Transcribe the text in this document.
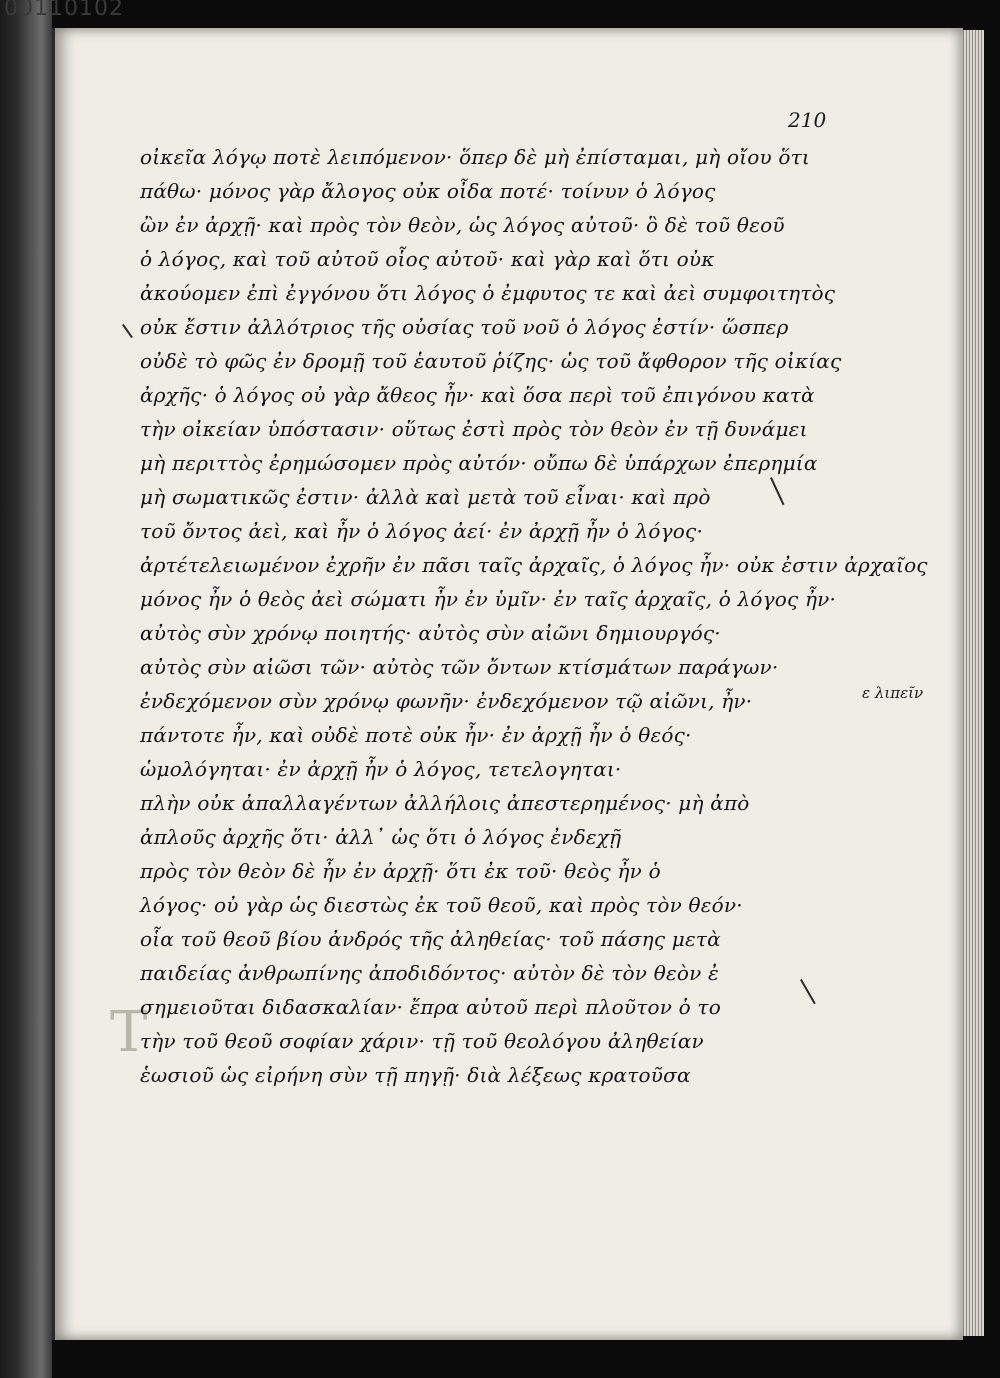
00110102
210
ε λιπεῖν
Τ
οἰκεῖα λόγῳ ποτὲ λειπόμενον· ὅπερ δὲ μὴ ἐπίσταμαι, μὴ οἴου ὅτι
πάθω· μόνος γὰρ ἄλογος οὐκ οἶδα ποτέ· τοίνυν ὁ λόγος
ὢν ἐν ἀρχῇ· καὶ πρὸς τὸν θεὸν, ὡς λόγος αὐτοῦ· ὃ δὲ τοῦ θεοῦ
ὁ λόγος, καὶ τοῦ αὐτοῦ οἷος αὐτοῦ· καὶ γὰρ καὶ ὅτι οὐκ
ἀκούομεν ἐπὶ ἐγγόνου ὅτι λόγος ὁ ἐμφυτος τε καὶ ἀεὶ συμφοιτητὸς
οὐκ ἔστιν ἀλλότριος τῆς οὐσίας τοῦ νοῦ ὁ λόγος ἐστίν· ὥσπερ
οὐδὲ τὸ φῶς ἐν δρομῇ τοῦ ἑαυτοῦ ῥίζης· ὡς τοῦ ἄφθορον τῆς οἰκίας
ἀρχῆς· ὁ λόγος οὐ γὰρ ἄθεος ἦν· καὶ ὅσα περὶ τοῦ ἐπιγόνου κατὰ
τὴν οἰκείαν ὑπόστασιν· οὕτως ἐστὶ πρὸς τὸν θεὸν ἐν τῇ δυνάμει
μὴ περιττὸς ἐρημώσομεν πρὸς αὐτόν· οὔπω δὲ ὑπάρχων ἐπερημία
μὴ σωματικῶς ἐστιν· ἀλλὰ καὶ μετὰ τοῦ εἶναι· καὶ πρὸ
τοῦ ὄντος ἀεὶ, καὶ ἦν ὁ λόγος ἀεί· ἐν ἀρχῇ ἦν ὁ λόγος·
ἀρτέτελειωμένον ἐχρῆν ἐν πᾶσι ταῖς ἀρχαῖς, ὁ λόγος ἦν· οὐκ ἐστιν ἀρχαῖος
μόνος ἦν ὁ θεὸς ἀεὶ σώματι ἦν ἐν ὑμῖν· ἐν ταῖς ἀρχαῖς, ὁ λόγος ἦν·
αὐτὸς σὺν χρόνῳ ποιητής· αὐτὸς σὺν αἰῶνι δημιουργός·
αὐτὸς σὺν αἰῶσι τῶν· αὐτὸς τῶν ὄντων κτίσμάτων παράγων·
ἐνδεχόμενον σὺν χρόνῳ φωνῆν· ἐνδεχόμενον τῷ αἰῶνι, ἦν·
πάντοτε ἦν, καὶ οὐδὲ ποτὲ οὐκ ἦν· ἐν ἀρχῇ ἦν ὁ θεός·
ὡμολόγηται· ἐν ἀρχῇ ἦν ὁ λόγος, τετελογηται·
πλὴν οὐκ ἀπαλλαγέντων ἀλλήλοις ἀπεστερημένος· μὴ ἀπὸ
ἀπλοῦς ἀρχῆς ὅτι· ἀλλ᾽ ὡς ὅτι ὁ λόγος ἐνδεχῇ
πρὸς τὸν θεὸν δὲ ἦν ἐν ἀρχῇ· ὅτι ἐκ τοῦ· θεὸς ἦν ὁ
λόγος· οὐ γὰρ ὡς διεστὼς ἐκ τοῦ θεοῦ, καὶ πρὸς τὸν θεόν·
οἷα τοῦ θεοῦ βίου ἀνδρός τῆς ἀληθείας· τοῦ πάσης μετὰ
παιδείας ἀνθρωπίνης ἀποδιδόντος· αὐτὸν δὲ τὸν θεὸν ἐ
σημειοῦται διδασκαλίαν· ἔπρα αὐτοῦ περὶ πλοῦτον ὁ το
τὴν τοῦ θεοῦ σοφίαν χάριν· τῇ τοῦ θεολόγου ἀληθείαν
ἑωσιοῦ ὡς εἰρήνη σὺν τῇ πηγῇ· διὰ λέξεως κρατοῦσα
